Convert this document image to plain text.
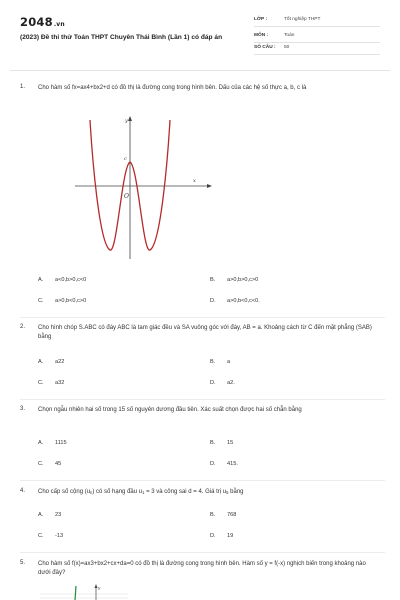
2048.vn
(2023) Đề thi thử Toán THPT Chuyên Thái Bình (Lần 1) có đáp án
LỚP :	Tốt nghiệp THPT
MÔN :	Toán
SỐ CÂU : 50
1. Cho hàm số fx=ax4+bx2+d có đồ thị là đường cong trong hình bên. Dấu của các hệ số thực a, b, c là
y
x
c
O
A.	a<0,b>0,c<0	B.	a>0,b>0,c>0
C.	a>0,b<0,c>0	D.	a>0,b<0,c<0.
2. Cho hình chóp S.ABC có đáy ABC là tam giác đều và SA vuông góc với đáy, AB = a. Khoảng cách từ C đến mặt phẳng (SAB) bằng
A.	a22	B.	a
C.	a32	D.	a2.
3. Chọn ngẫu nhiên hai số trong 15 số nguyên dương đầu tiên. Xác suất chọn được hai số chẵn bằng
A.	1115	B.	15
C.	45	D.	415.
4. Cho cấp số cộng $(u_n)$ có số hạng đầu $u_1 = 3$ và công sai d = 4. Giá trị $u_5$ bằng
A.	23	B.	768
C.	-13	D.	19
5. Cho hàm số f(x)=ax3+bx2+cx+da=0 có đồ thị là đường cong trong hình bên. Hàm số y = f(-x) nghịch biến trong khoảng nào dưới đây?
y
